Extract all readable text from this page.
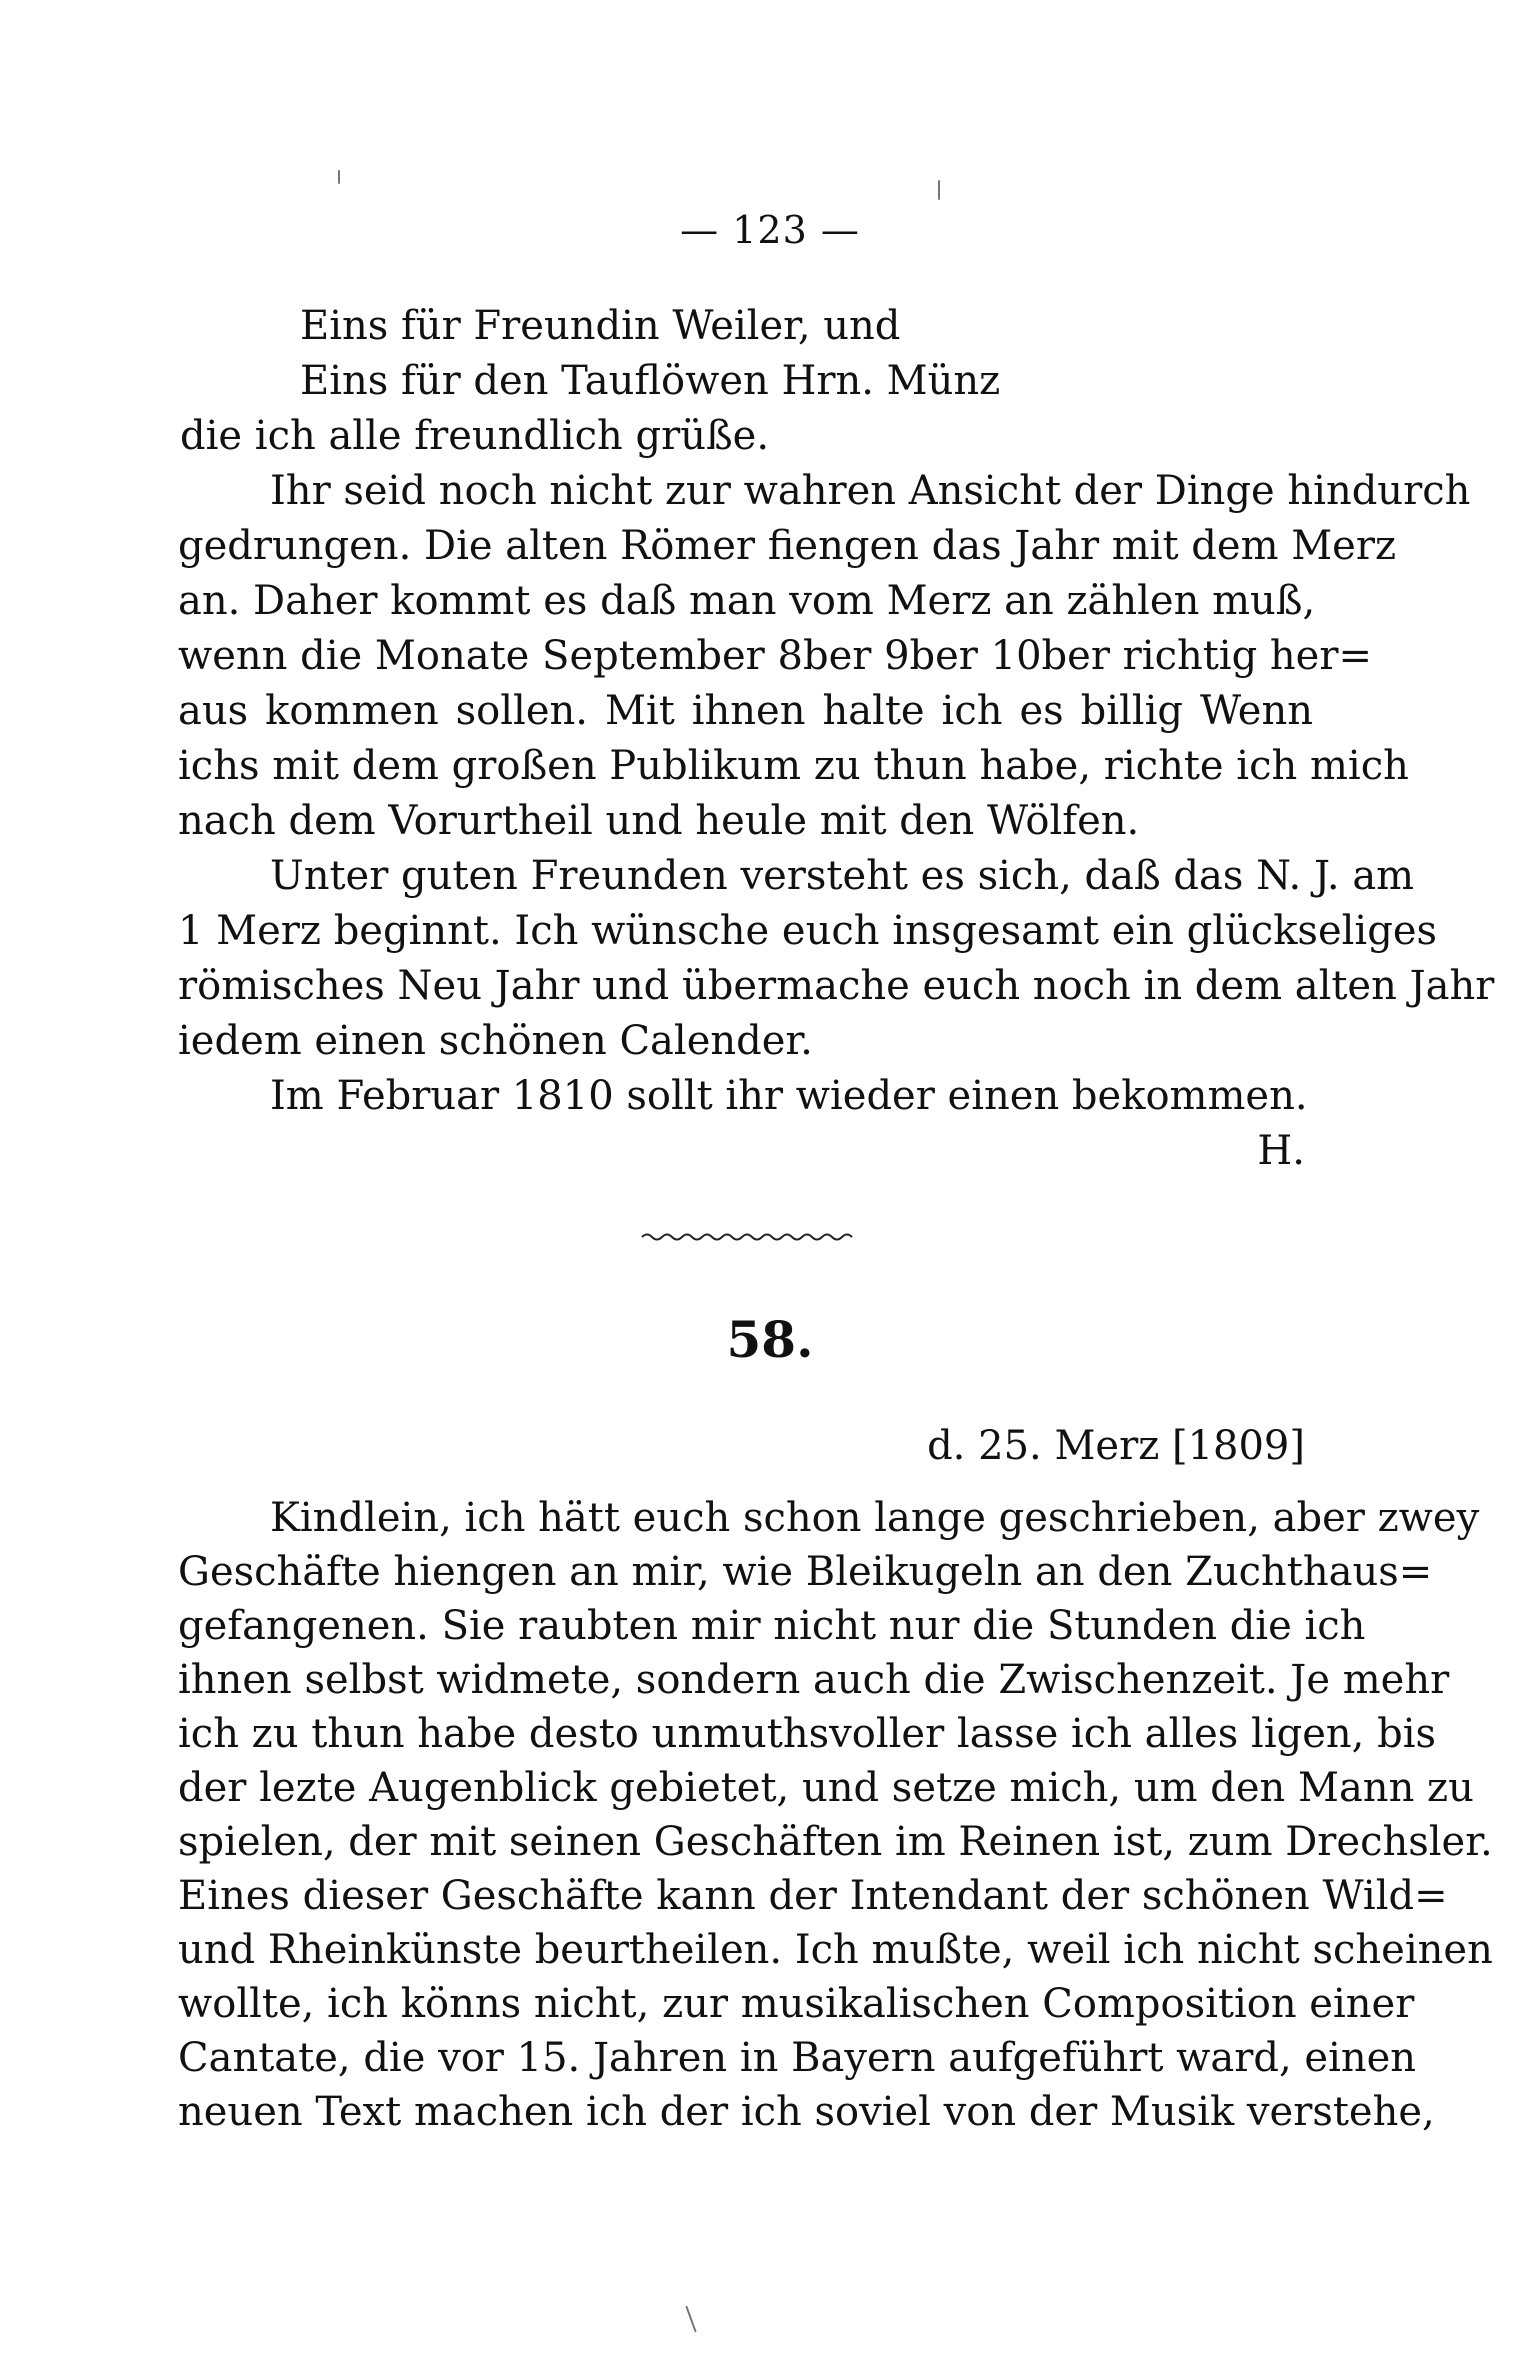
— 123 —
Eins für Freundin Weiler, und
Eins für den Tauflöwen Hrn. Münz
die ich alle freundlich grüße.
Ihr seid noch nicht zur wahren Ansicht der Dinge hindurch
gedrungen. Die alten Römer fiengen das Jahr mit dem Merz
an. Daher kommt es daß man vom Merz an zählen muß,
wenn die Monate September 8ber 9ber 10ber richtig her=
aus kommen sollen. Mit ihnen halte ich es billig Wenn
ichs mit dem großen Publikum zu thun habe, richte ich mich
nach dem Vorurtheil und heule mit den Wölfen.
Unter guten Freunden versteht es sich, daß das N. J. am
1 Merz beginnt. Ich wünsche euch insgesamt ein glückseliges
römisches Neu Jahr und übermache euch noch in dem alten Jahr
iedem einen schönen Calender.
Im Februar 1810 sollt ihr wieder einen bekommen.
H.
58.
d. 25. Merz [1809]
Kindlein, ich hätt euch schon lange geschrieben, aber zwey
Geschäfte hiengen an mir, wie Bleikugeln an den Zuchthaus=
gefangenen. Sie raubten mir nicht nur die Stunden die ich
ihnen selbst widmete, sondern auch die Zwischenzeit. Je mehr
ich zu thun habe desto unmuthsvoller lasse ich alles ligen, bis
der lezte Augenblick gebietet, und setze mich, um den Mann zu
spielen, der mit seinen Geschäften im Reinen ist, zum Drechsler.
Eines dieser Geschäfte kann der Intendant der schönen Wild=
und Rheinkünste beurtheilen. Ich mußte, weil ich nicht scheinen
wollte, ich könns nicht, zur musikalischen Composition einer
Cantate, die vor 15. Jahren in Bayern aufgeführt ward, einen
neuen Text machen ich der ich soviel von der Musik verstehe,
